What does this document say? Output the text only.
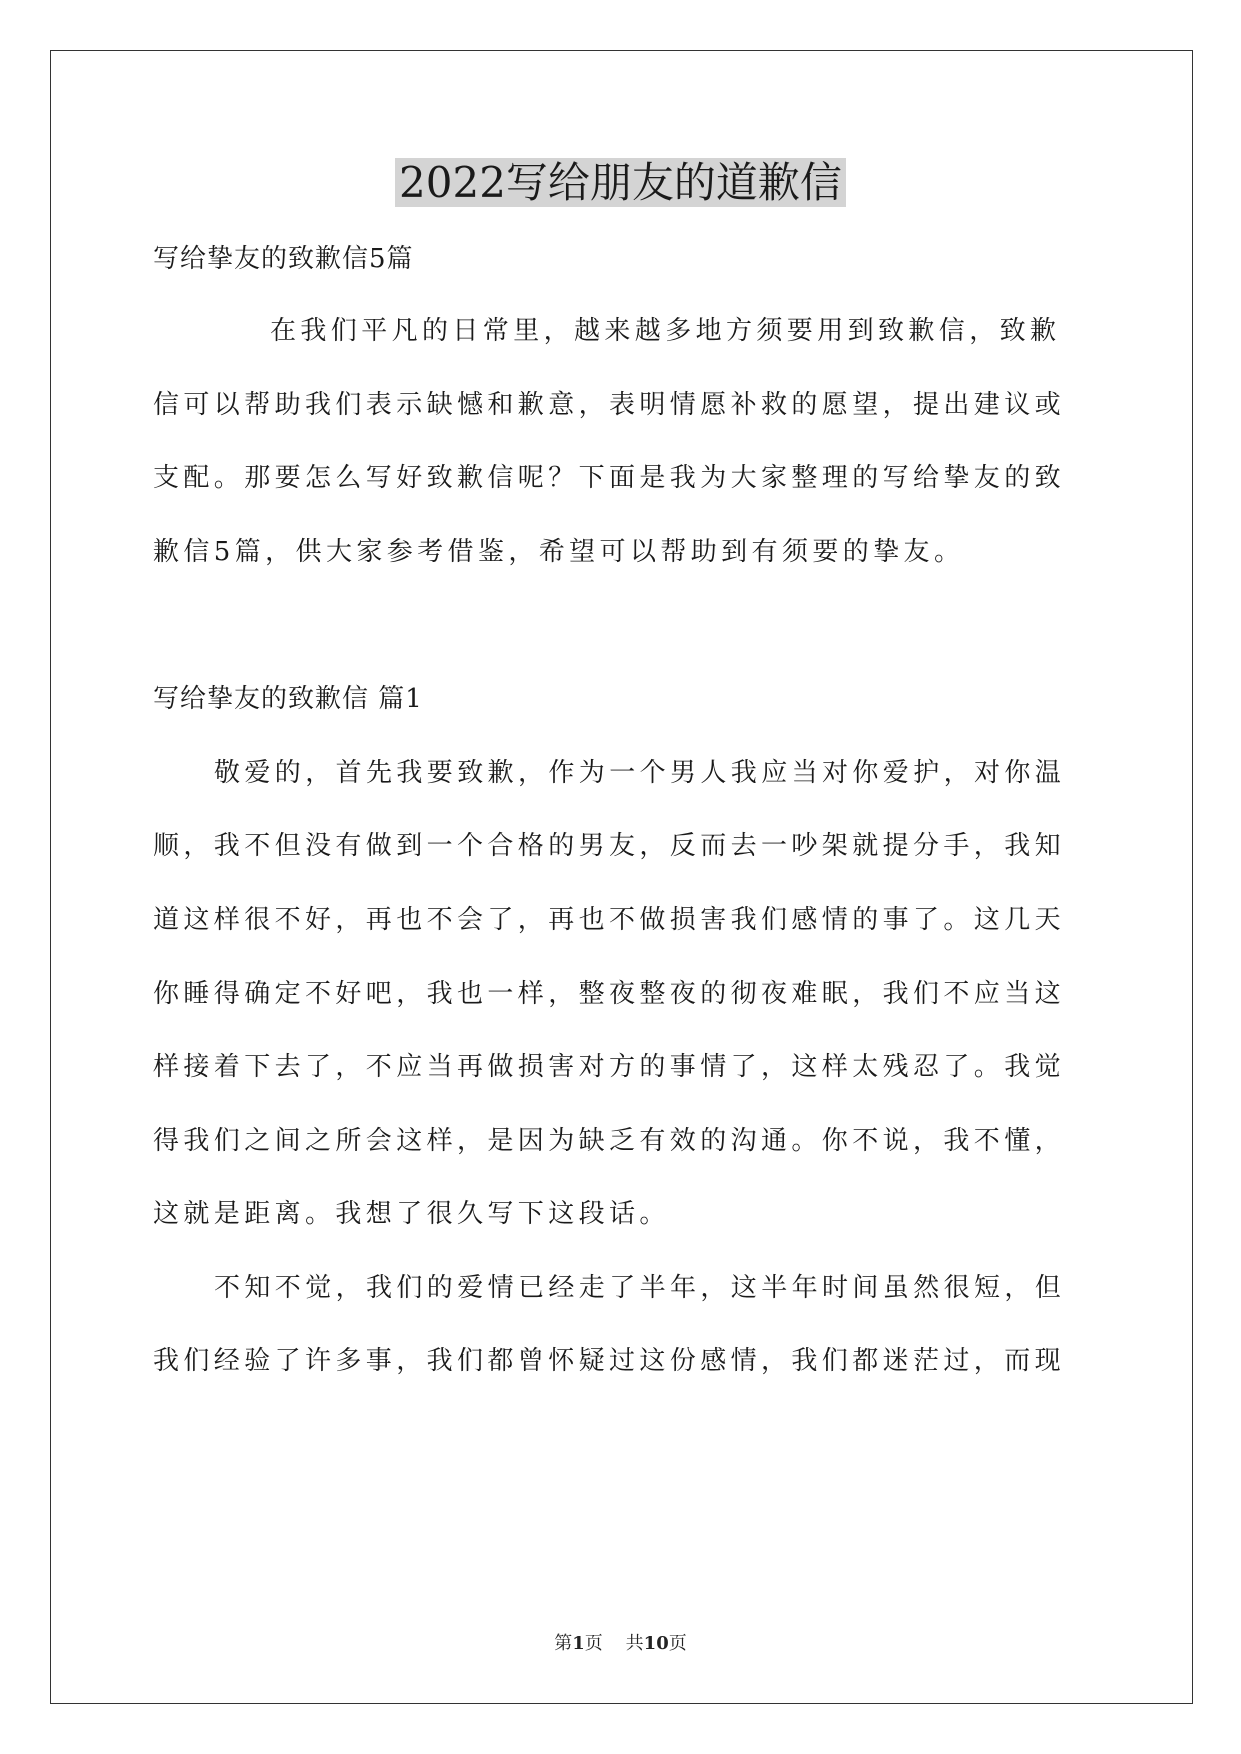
2022写给朋友的道歉信
写给挚友的致歉信5篇
在我们平凡的日常里，越来越多地方须要用到致歉信，致歉
信可以帮助我们表示缺憾和歉意，表明情愿补救的愿望，提出建议或
支配。那要怎么写好致歉信呢？下面是我为大家整理的写给挚友的致
歉信5篇，供大家参考借鉴，希望可以帮助到有须要的挚友。
写给挚友的致歉信 篇1
敬爱的，首先我要致歉，作为一个男人我应当对你爱护，对你温
顺，我不但没有做到一个合格的男友，反而去一吵架就提分手，我知
道这样很不好，再也不会了，再也不做损害我们感情的事了。这几天
你睡得确定不好吧，我也一样，整夜整夜的彻夜难眠，我们不应当这
样接着下去了，不应当再做损害对方的事情了，这样太残忍了。我觉
得我们之间之所会这样，是因为缺乏有效的沟通。你不说，我不懂，
这就是距离。我想了很久写下这段话。
不知不觉，我们的爱情已经走了半年，这半年时间虽然很短，但
我们经验了许多事，我们都曾怀疑过这份感情，我们都迷茫过，而现
第1页 共10页
